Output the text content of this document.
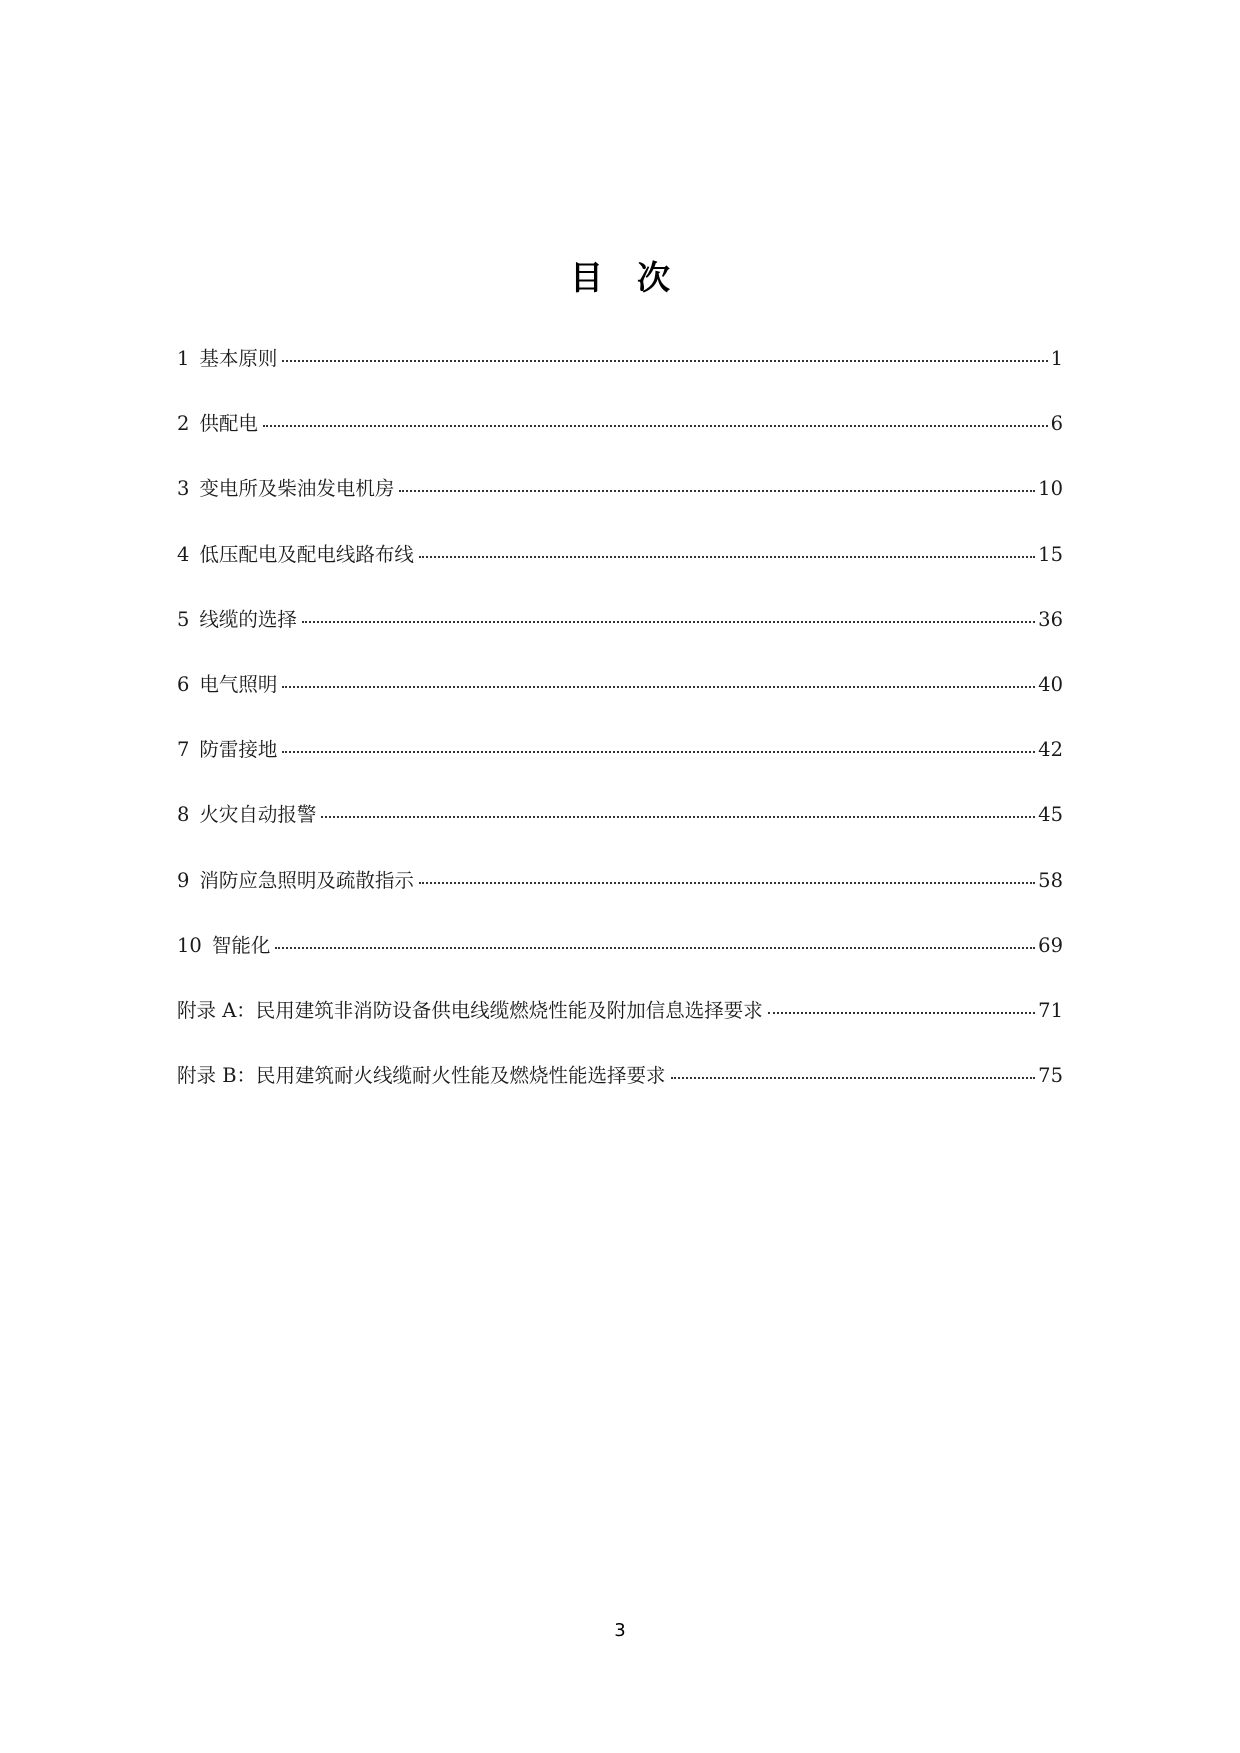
目 次
1 基本原则	1
2 供配电	6
3 变电所及柴油发电机房	10
4 低压配电及配电线路布线	15
5 线缆的选择	36
6 电气照明	40
7 防雷接地	42
8 火灾自动报警	45
9 消防应急照明及疏散指示	58
10 智能化	69
附录 A：民用建筑非消防设备供电线缆燃烧性能及附加信息选择要求	71
附录 B：民用建筑耐火线缆耐火性能及燃烧性能选择要求	75
3
